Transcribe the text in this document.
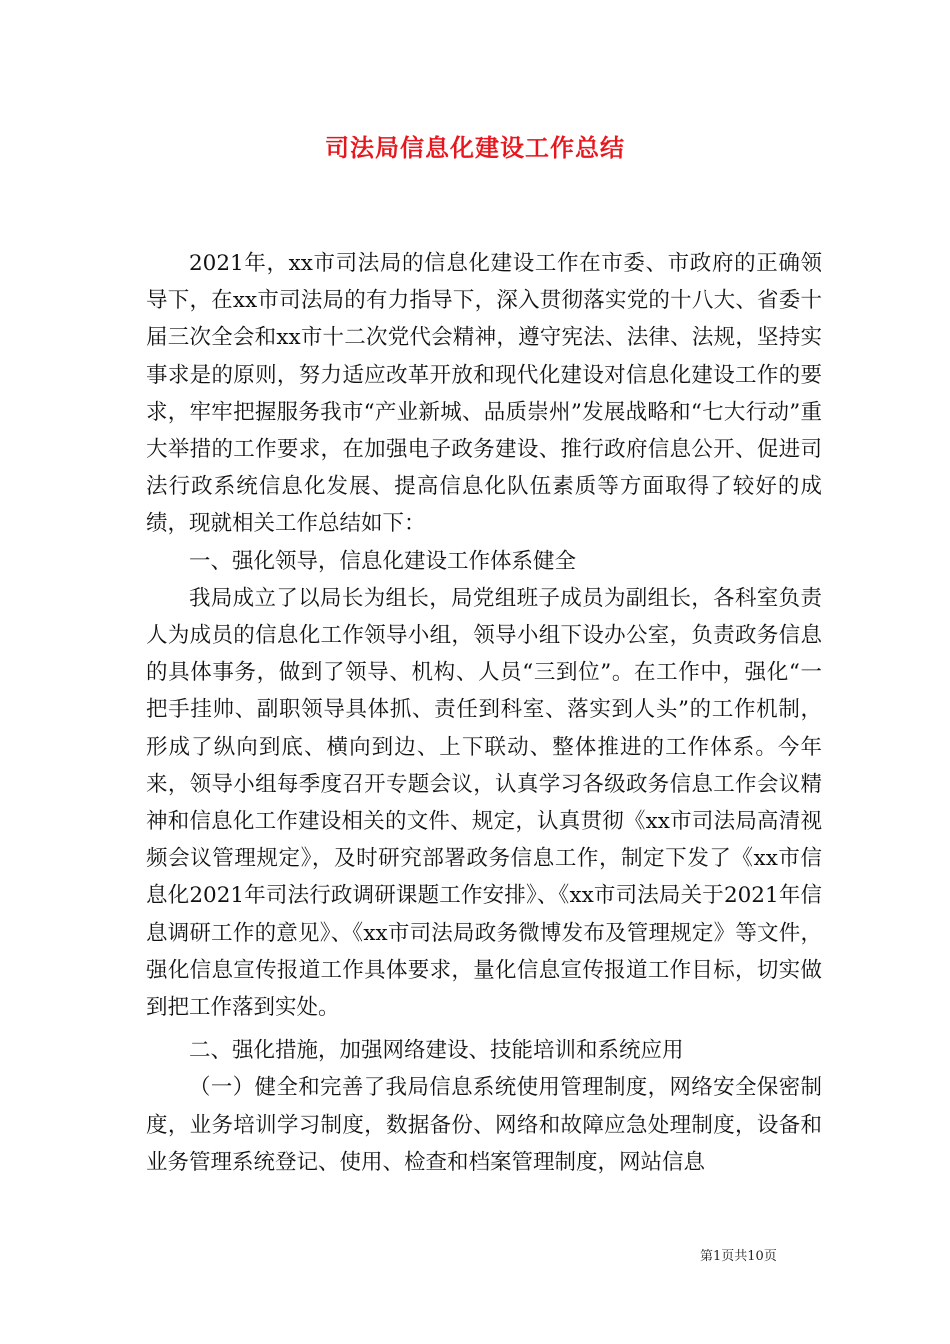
司法局信息化建设工作总结

2021年，xx市司法局的信息化建设工作在市委、市政府的正确领导下，在xx市司法局的有力指导下，深入贯彻落实党的十八大、省委十届三次全会和xx市十二次党代会精神，遵守宪法、法律、法规，坚持实事求是的原则，努力适应改革开放和现代化建设对信息化建设工作的要求，牢牢把握服务我市“产业新城、品质崇州”发展战略和“七大行动”重大举措的工作要求，在加强电子政务建设、推行政府信息公开、促进司法行政系统信息化发展、提高信息化队伍素质等方面取得了较好的成绩，现就相关工作总结如下：

一、强化领导，信息化建设工作体系健全

我局成立了以局长为组长，局党组班子成员为副组长，各科室负责人为成员的信息化工作领导小组，领导小组下设办公室，负责政务信息的具体事务，做到了领导、机构、人员“三到位”。在工作中，强化“一把手挂帅、副职领导具体抓、责任到科室、落实到人头”的工作机制，形成了纵向到底、横向到边、上下联动、整体推进的工作体系。今年来，领导小组每季度召开专题会议，认真学习各级政务信息工作会议精神和信息化工作建设相关的文件、规定，认真贯彻《xx市司法局高清视频会议管理规定》，及时研究部署政务信息工作，制定下发了《xx市信息化2021年司法行政调研课题工作安排》、《xx市司法局关于2021年信息调研工作的意见》、《xx市司法局政务微博发布及管理规定》等文件，强化信息宣传报道工作具体要求，量化信息宣传报道工作目标，切实做到把工作落到实处。

二、强化措施，加强网络建设、技能培训和系统应用

（一）健全和完善了我局信息系统使用管理制度，网络安全保密制度，业务培训学习制度，数据备份、网络和故障应急处理制度，设备和业务管理系统登记、使用、检查和档案管理制度，网站信息

第1页共10页
